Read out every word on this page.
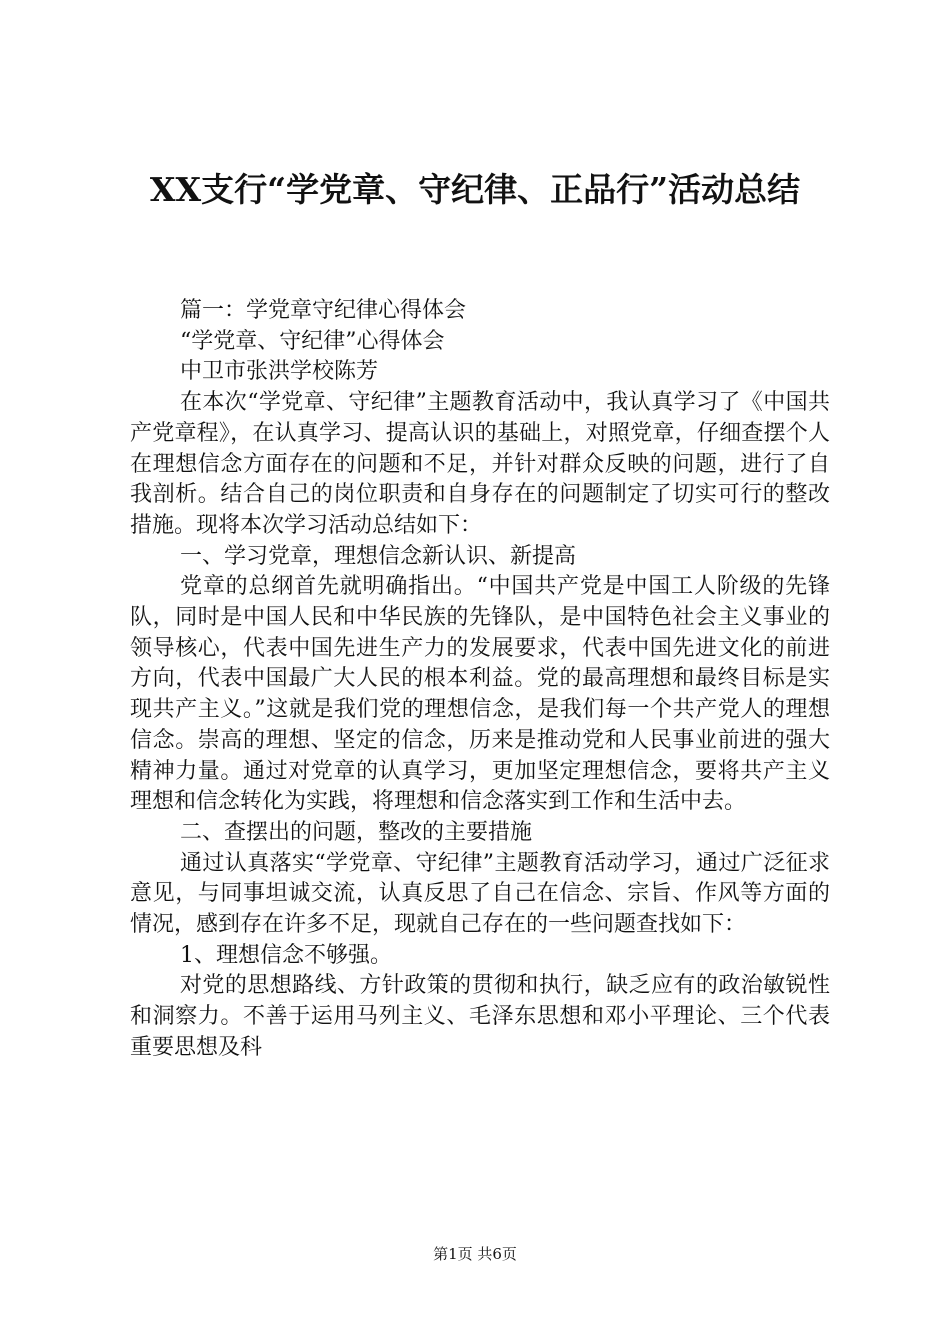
XX支行“学党章、守纪律、正品行”活动总结

篇一：学党章守纪律心得体会

“学党章、守纪律”心得体会

中卫市张洪学校陈芳

在本次“学党章、守纪律”主题教育活动中，我认真学习了《中国共产党章程》，在认真学习、提高认识的基础上，对照党章，仔细查摆个人在理想信念方面存在的问题和不足，并针对群众反映的问题，进行了自我剖析。结合自己的岗位职责和自身存在的问题制定了切实可行的整改措施。现将本次学习活动总结如下：

一、学习党章，理想信念新认识、新提高

党章的总纲首先就明确指出。“中国共产党是中国工人阶级的先锋队，同时是中国人民和中华民族的先锋队，是中国特色社会主义事业的领导核心，代表中国先进生产力的发展要求，代表中国先进文化的前进方向，代表中国最广大人民的根本利益。党的最高理想和最终目标是实现共产主义。”这就是我们党的理想信念，是我们每一个共产党人的理想信念。崇高的理想、坚定的信念，历来是推动党和人民事业前进的强大精神力量。通过对党章的认真学习，更加坚定理想信念，要将共产主义理想和信念转化为实践，将理想和信念落实到工作和生活中去。

二、查摆出的问题，整改的主要措施

通过认真落实“学党章、守纪律”主题教育活动学习，通过广泛征求意见，与同事坦诚交流，认真反思了自己在信念、宗旨、作风等方面的情况，感到存在许多不足，现就自己存在的一些问题查找如下：

1、理想信念不够强。

对党的思想路线、方针政策的贯彻和执行，缺乏应有的政治敏锐性和洞察力。不善于运用马列主义、毛泽东思想和邓小平理论、三个代表重要思想及科

第1页 共6页
